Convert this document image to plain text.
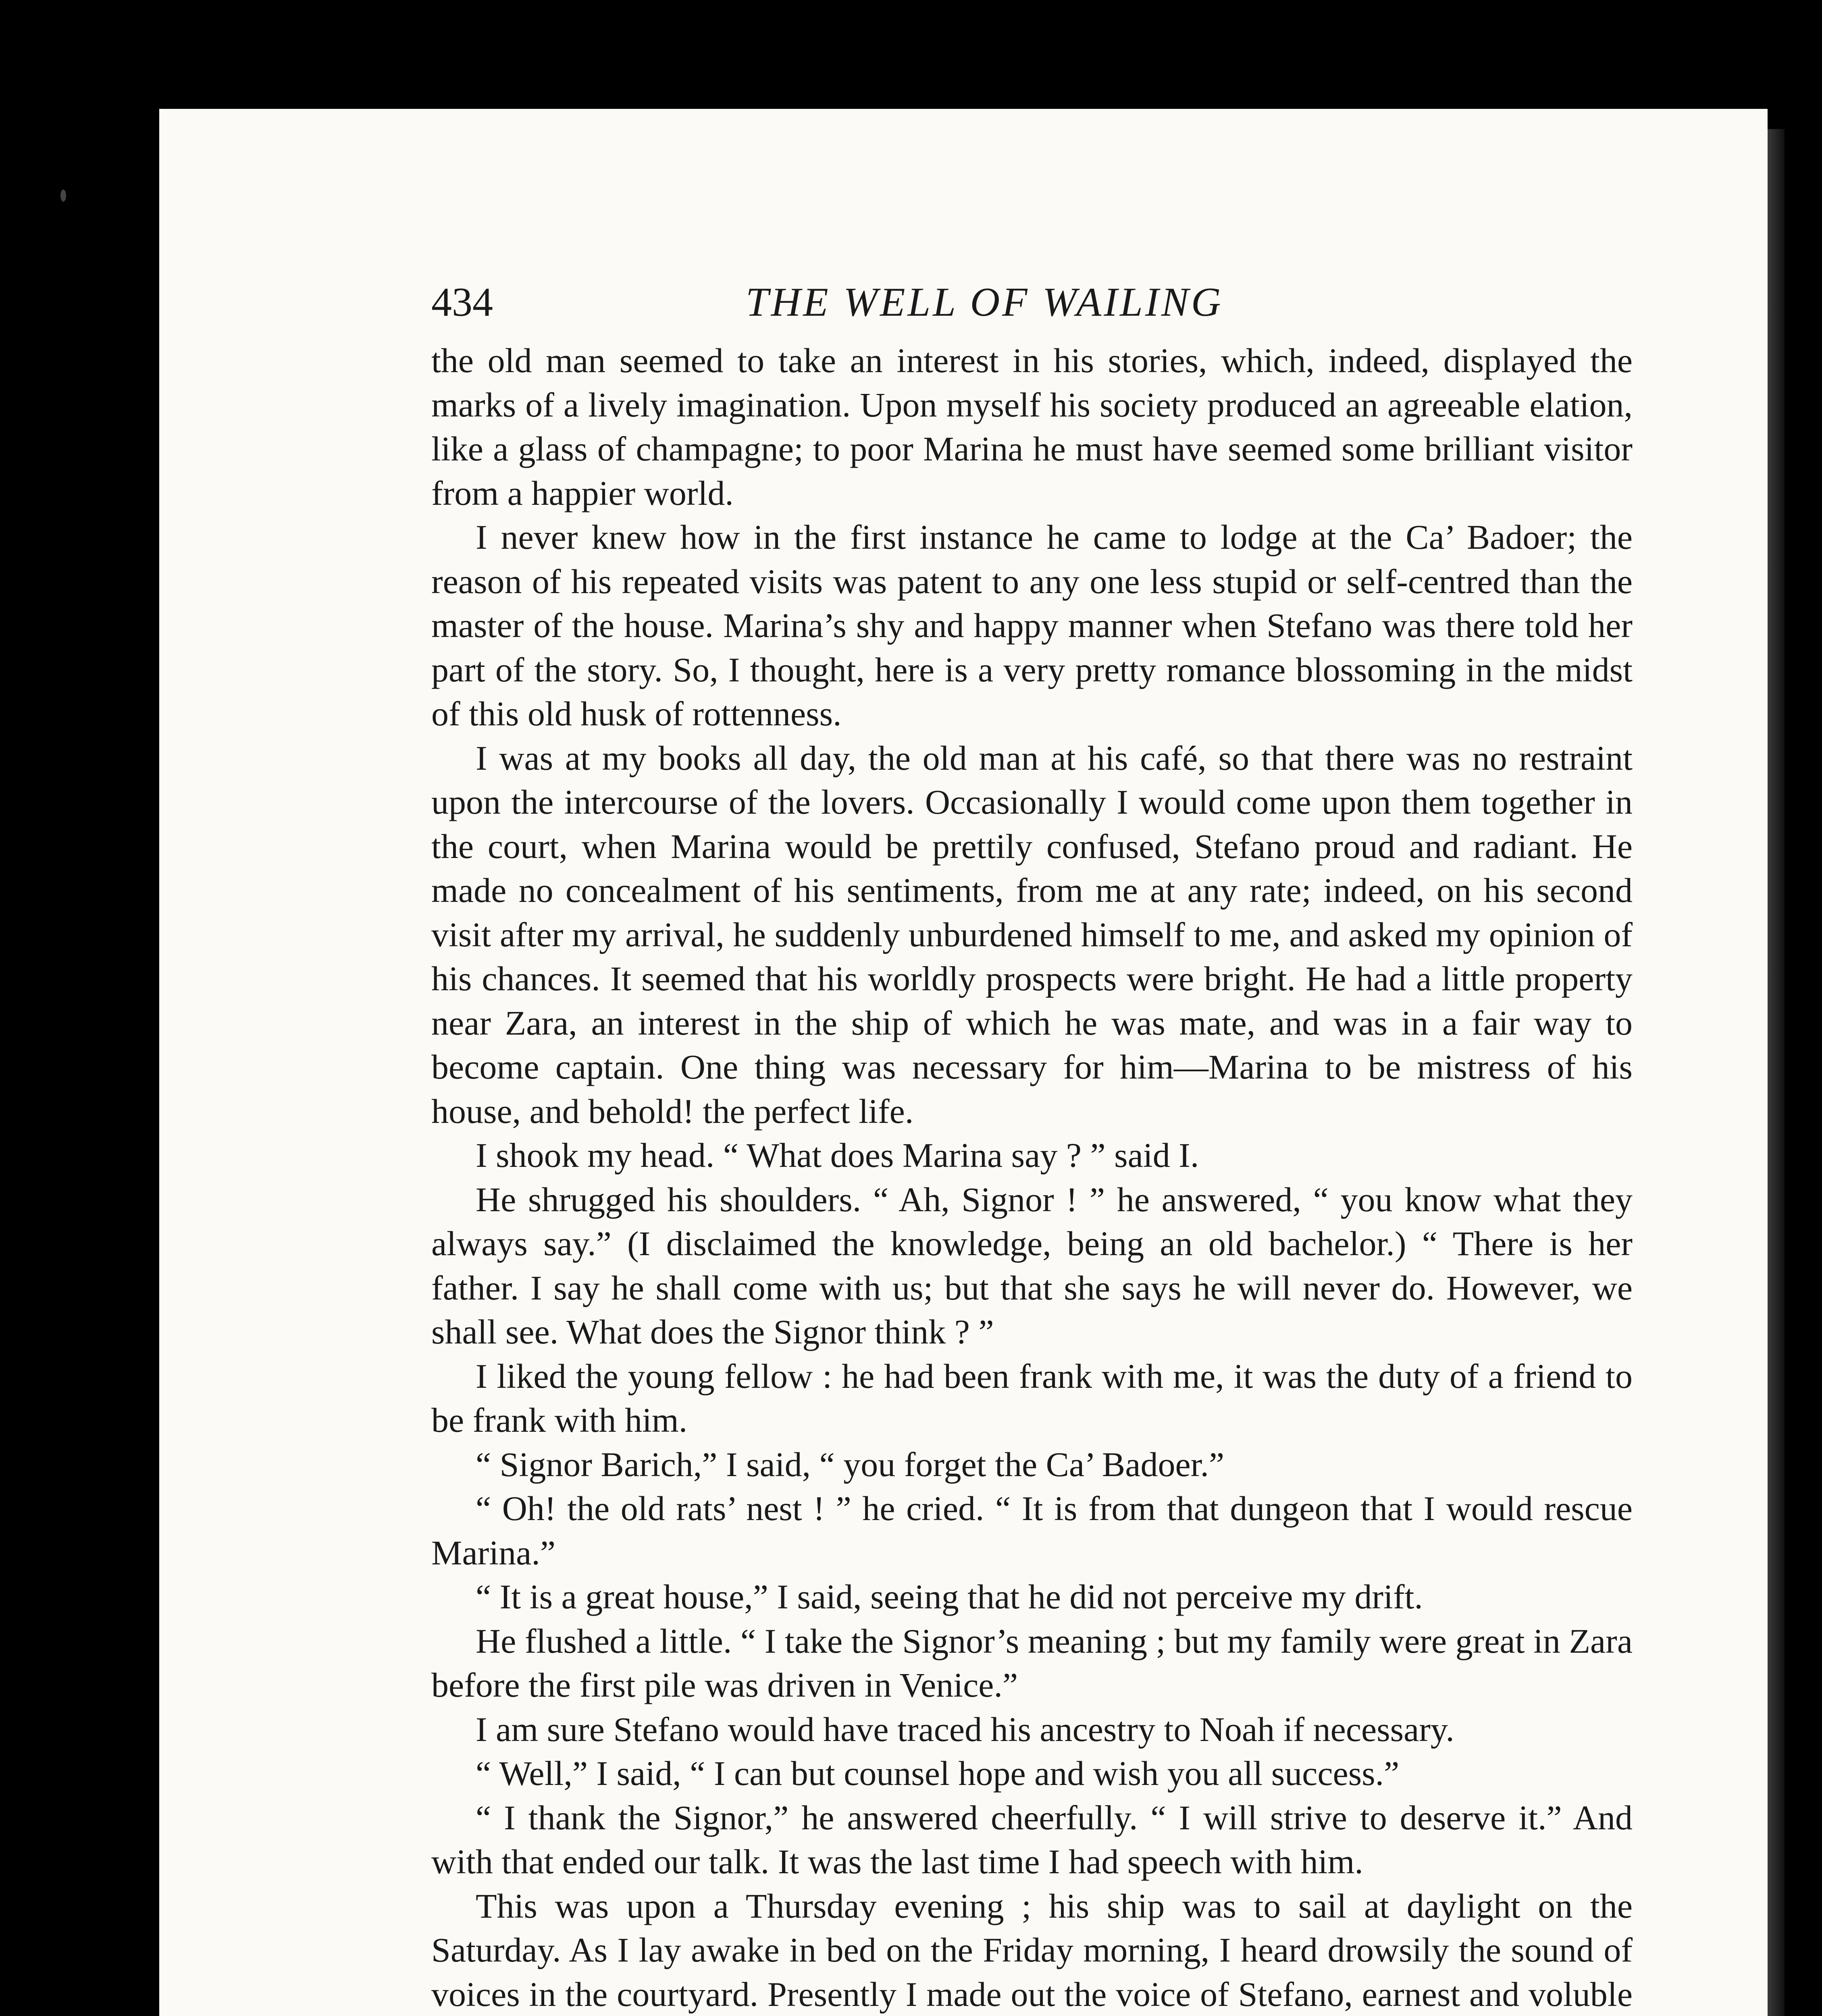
434	THE WELL OF WAILING

the old man seemed to take an interest in his stories, which, indeed, displayed the marks of a lively imagination. Upon myself his society produced an agreeable elation, like a glass of champagne; to poor Marina he must have seemed some brilliant visitor from a happier world.

I never knew how in the first instance he came to lodge at the Ca’ Badoer; the reason of his repeated visits was patent to any one less stupid or self-centred than the master of the house. Marina’s shy and happy manner when Stefano was there told her part of the story. So, I thought, here is a very pretty romance blossoming in the midst of this old husk of rottenness.

I was at my books all day, the old man at his café, so that there was no restraint upon the intercourse of the lovers. Occasionally I would come upon them together in the court, when Marina would be prettily confused, Stefano proud and radiant. He made no concealment of his sentiments, from me at any rate; indeed, on his second visit after my arrival, he suddenly unburdened himself to me, and asked my opinion of his chances. It seemed that his worldly prospects were bright. He had a little property near Zara, an interest in the ship of which he was mate, and was in a fair way to become captain. One thing was necessary for him—Marina to be mistress of his house, and behold! the perfect life.

I shook my head. “ What does Marina say ? ” said I.

He shrugged his shoulders. “ Ah, Signor ! ” he answered, “ you know what they always say.” (I disclaimed the knowledge, being an old bachelor.) “ There is her father. I say he shall come with us; but that she says he will never do. However, we shall see. What does the Signor think ? ”

I liked the young fellow : he had been frank with me, it was the duty of a friend to be frank with him.

“ Signor Barich,” I said, “ you forget the Ca’ Badoer.”

“ Oh! the old rats’ nest ! ” he cried. “ It is from that dungeon that I would rescue Marina.”

“ It is a great house,” I said, seeing that he did not perceive my drift.

He flushed a little. “ I take the Signor’s meaning ; but my family were great in Zara before the first pile was driven in Venice.”

I am sure Stefano would have traced his ancestry to Noah if necessary.

“ Well,” I said, “ I can but counsel hope and wish you all success.”

“ I thank the Signor,” he answered cheerfully. “ I will strive to deserve it.” And with that ended our talk. It was the last time I had speech with him.

This was upon a Thursday evening ; his ship was to sail at daylight on the Saturday. As I lay awake in bed on the Friday morning, I heard drowsily the sound of voices in the courtyard. Presently I made out the voice of Stefano, earnest and voluble
